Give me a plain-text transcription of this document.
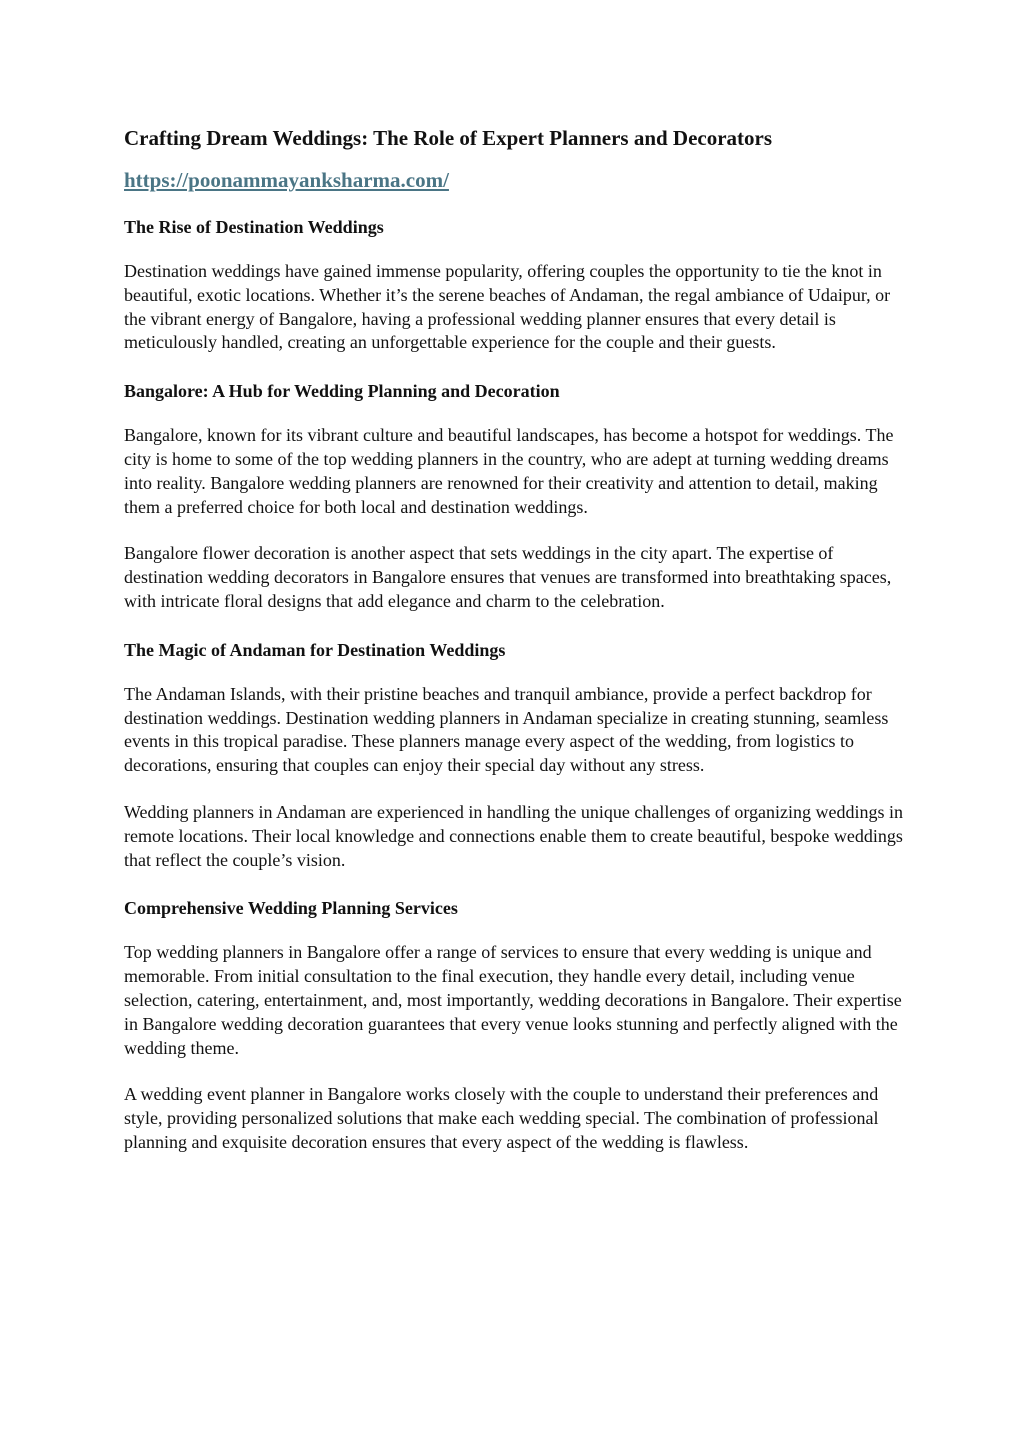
Crafting Dream Weddings: The Role of Expert Planners and Decorators
https://poonammayanksharma.com/
The Rise of Destination Weddings

Destination weddings have gained immense popularity, offering couples the opportunity to tie the knot in beautiful, exotic locations. Whether it’s the serene beaches of Andaman, the regal ambiance of Udaipur, or the vibrant energy of Bangalore, having a professional wedding planner ensures that every detail is meticulously handled, creating an unforgettable experience for the couple and their guests.

Bangalore: A Hub for Wedding Planning and Decoration

Bangalore, known for its vibrant culture and beautiful landscapes, has become a hotspot for weddings. The city is home to some of the top wedding planners in the country, who are adept at turning wedding dreams into reality. Bangalore wedding planners are renowned for their creativity and attention to detail, making them a preferred choice for both local and destination weddings.

Bangalore flower decoration is another aspect that sets weddings in the city apart. The expertise of destination wedding decorators in Bangalore ensures that venues are transformed into breathtaking spaces, with intricate floral designs that add elegance and charm to the celebration.

The Magic of Andaman for Destination Weddings

The Andaman Islands, with their pristine beaches and tranquil ambiance, provide a perfect backdrop for destination weddings. Destination wedding planners in Andaman specialize in creating stunning, seamless events in this tropical paradise. These planners manage every aspect of the wedding, from logistics to decorations, ensuring that couples can enjoy their special day without any stress.

Wedding planners in Andaman are experienced in handling the unique challenges of organizing weddings in remote locations. Their local knowledge and connections enable them to create beautiful, bespoke weddings that reflect the couple’s vision.

Comprehensive Wedding Planning Services

Top wedding planners in Bangalore offer a range of services to ensure that every wedding is unique and memorable. From initial consultation to the final execution, they handle every detail, including venue selection, catering, entertainment, and, most importantly, wedding decorations in Bangalore. Their expertise in Bangalore wedding decoration guarantees that every venue looks stunning and perfectly aligned with the wedding theme.

A wedding event planner in Bangalore works closely with the couple to understand their preferences and style, providing personalized solutions that make each wedding special. The combination of professional planning and exquisite decoration ensures that every aspect of the wedding is flawless.
